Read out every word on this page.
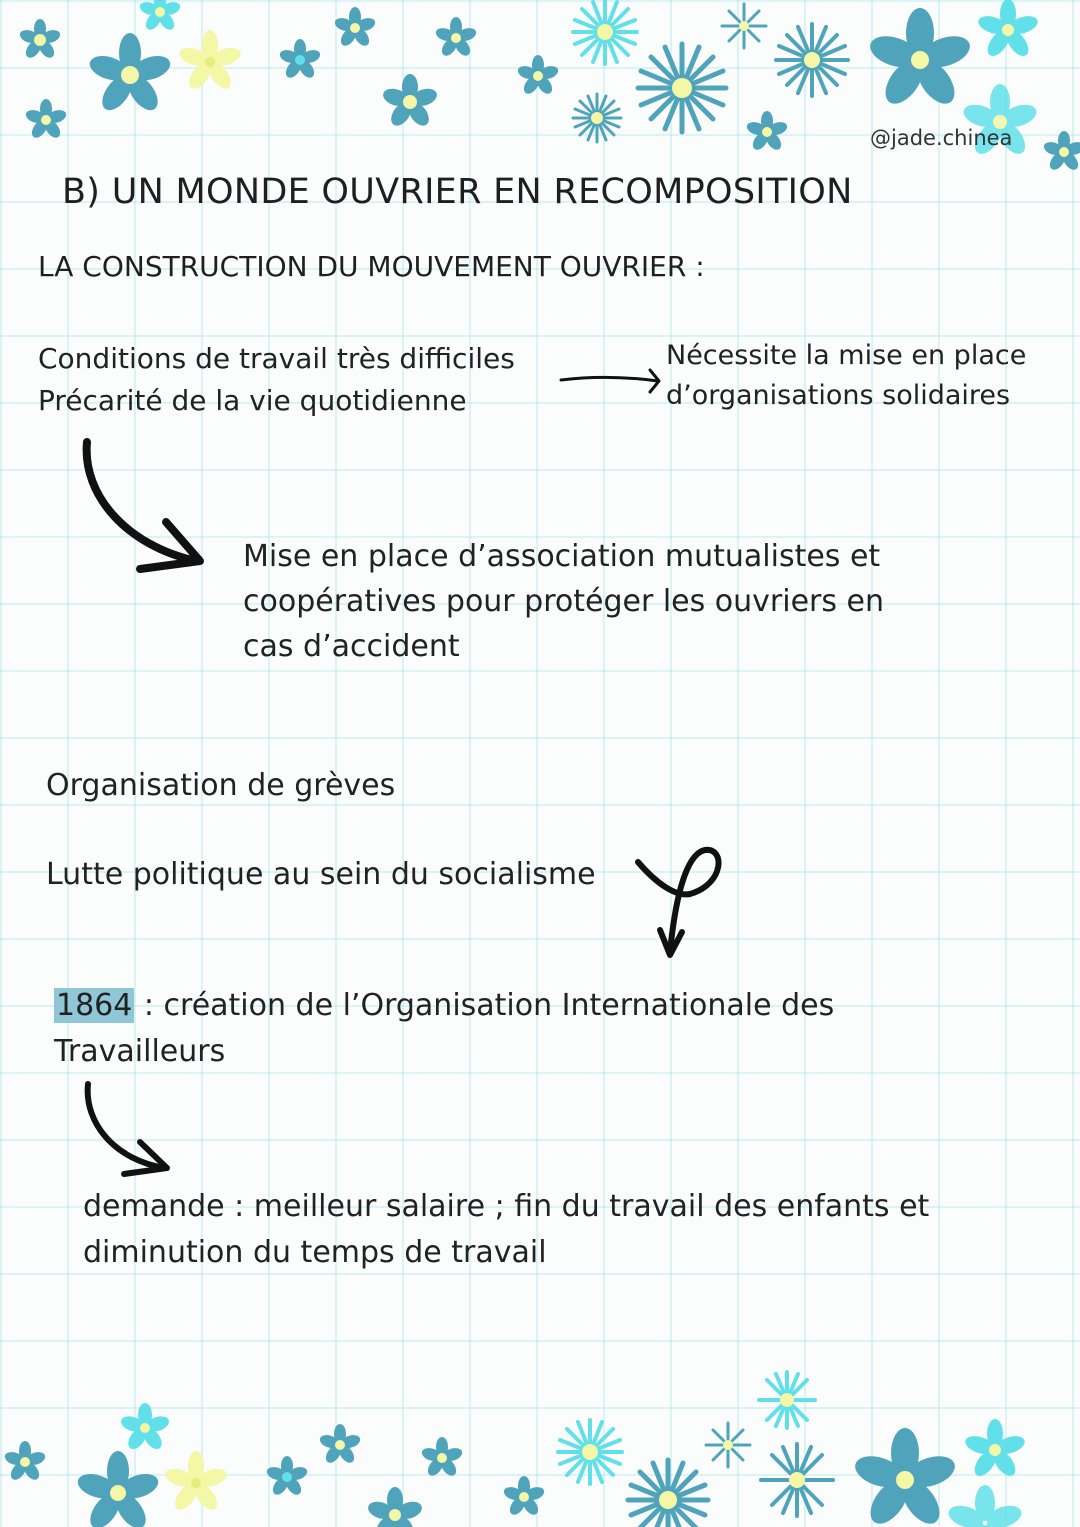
@jade.chinea

B) UN MONDE OUVRIER EN RECOMPOSITION
LA CONSTRUCTION DU MOUVEMENT OUVRIER :
Conditions de travail très difficiles
Précarité de la vie quotidienne
Nécessite la mise en place
d’organisations solidaires
Mise en place d’association mutualistes et
coopératives pour protéger les ouvriers en
cas d’accident

Organisation de grèves

Lutte politique au sein du socialisme

1864 : création de l’Organisation Internationale des
Travailleurs
demande : meilleur salaire ; fin du travail des enfants et
diminution du temps de travail
